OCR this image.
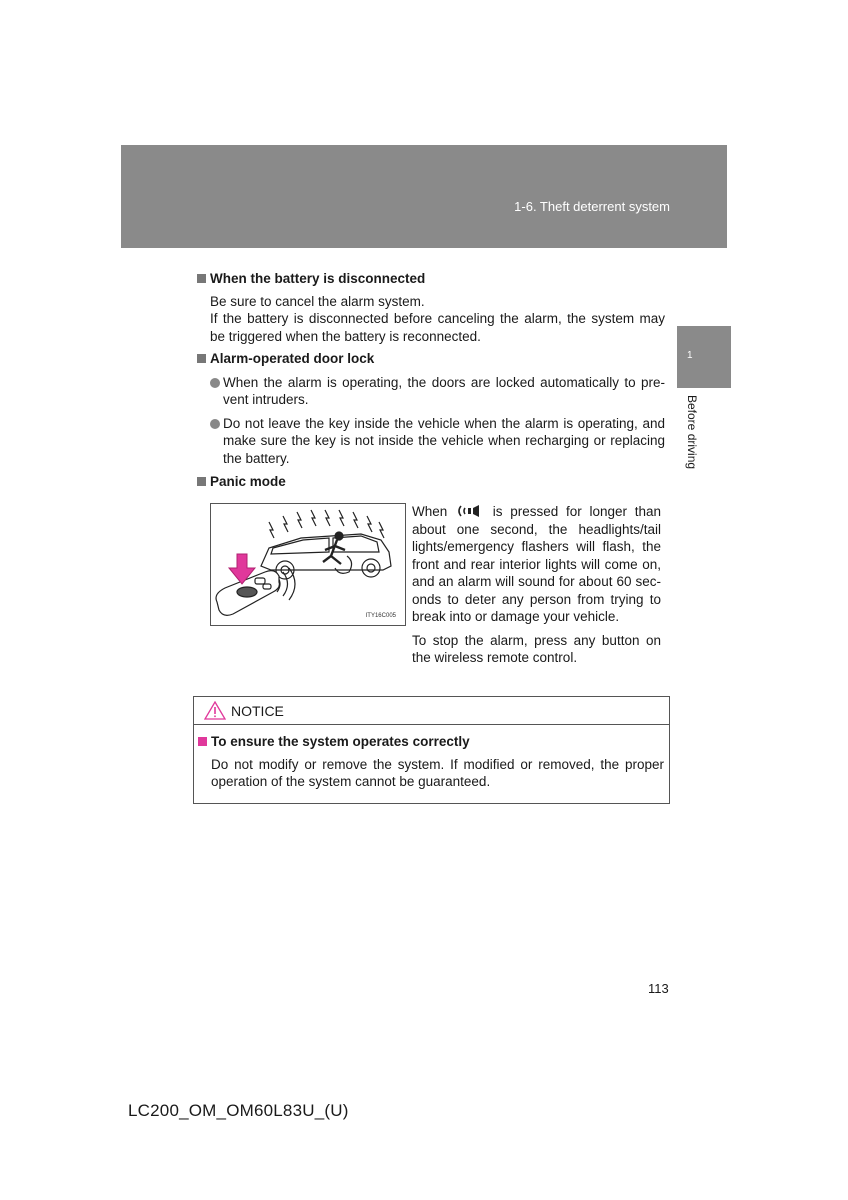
1-6. Theft deterrent system
1
Before driving

When the battery is disconnected

Be sure to cancel the alarm system.

If the battery is disconnected before canceling the alarm, the system may be triggered when the battery is reconnected.

Alarm-operated door lock

When the alarm is operating, the doors are locked automatically to pre-vent intruders.
Do not leave the key inside the vehicle when the alarm is operating, and make sure the key is not inside the vehicle when recharging or replacing the battery.

Panic mode

ITY16C005

When	is pressed for longer than about one second, the headlights/tail lights/emergency flashers will flash, the front and rear interior lights will come on, and an alarm will sound for about 60 sec-onds to deter any person from trying to break into or damage your vehicle.

To stop the alarm, press any button on the wireless remote control.

NOTICE
To ensure the system operates correctly
Do not modify or remove the system. If modified or removed, the proper operation of the system cannot be guaranteed.
113
LC200_OM_OM60L83U_(U)
